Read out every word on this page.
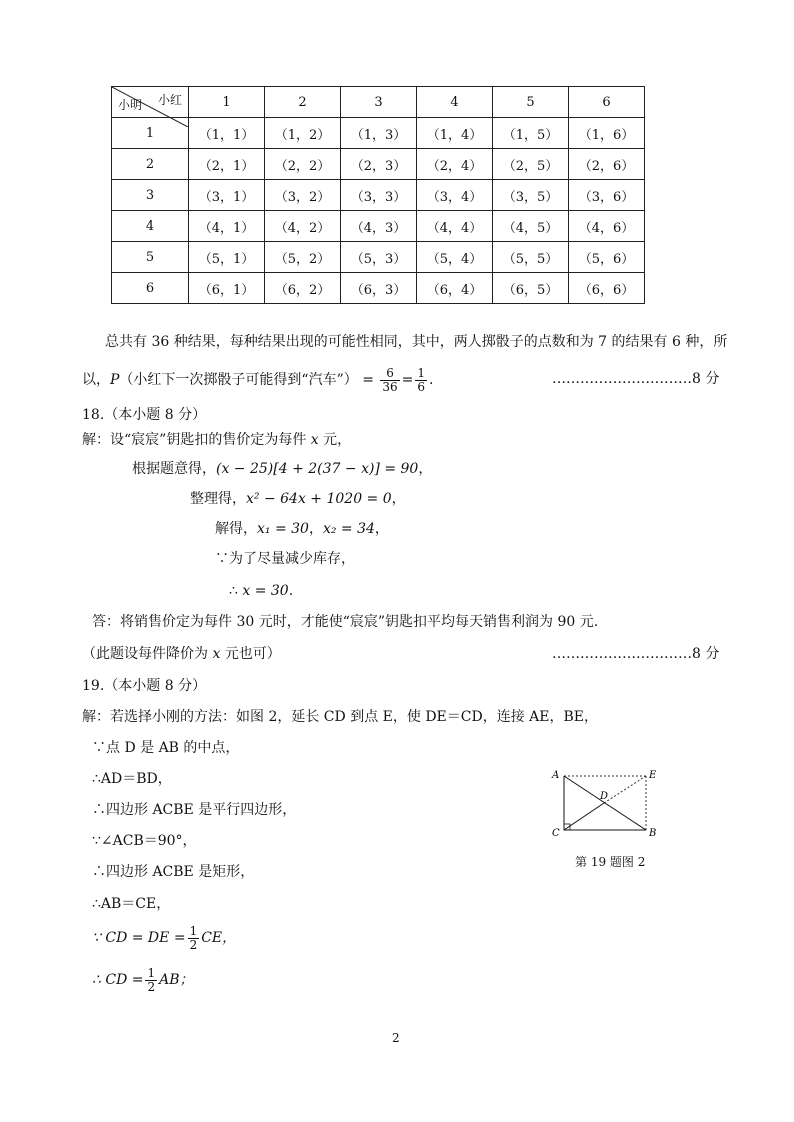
小红
小明	1	2	3	4	5	6
1	（1，1）	（1，2）	（1，3）	（1，4）	（1，5）	（1，6）
2	（2，1）	（2，2）	（2，3）	（2，4）	（2，5）	（2，6）
3	（3，1）	（3，2）	（3，3）	（3，4）	（3，5）	（3，6）
4	（4，1）	（4，2）	（4，3）	（4，4）	（4，5）	（4，6）
5	（5，1）	（5，2）	（5，3）	（5，4）	（5，5）	（5，6）
6	（6，1）	（6，2）	（6，3）	（6，4）	（6，5）	（6，6）
总共有 36 种结果，每种结果出现的可能性相同，其中，两人掷骰子的点数和为 7 的结果有 6 种，所
以，P（小红下一次掷骰子可能得到“汽车”） = $\frac{6}{36} = \frac{1}{6}$ .	…………………………8 分
18.（本小题 8 分）
解：设“宸宸”钥匙扣的售价定为每件 x 元，
根据题意得，(x − 25)[4 + 2(37 − x)] = 90，
整理得，x² − 64x + 1020 = 0，
解得，x₁ = 30，x₂ = 34，
∵为了尽量减少库存，
∴ x = 30.
答：将销售价定为每件 30 元时，才能使“宸宸”钥匙扣平均每天销售利润为 90 元.
（此题设每件降价为 x 元也可）	…………………………8 分
19.（本小题 8 分）
解：若选择小刚的方法：如图 2，延长 CD 到点 E，使 DE＝CD，连接 AE，BE，
∵点 D 是 AB 的中点，
∴AD＝BD，
∴四边形 ACBE 是平行四边形，
∵∠ACB＝90°，
∴四边形 ACBE 是矩形，
∴AB＝CE，
∵ CD = DE = $\frac{1}{2}$ CE，
∴ CD = $\frac{1}{2}$ AB；
A	E
D
C	B
第 19 题图 2
2
